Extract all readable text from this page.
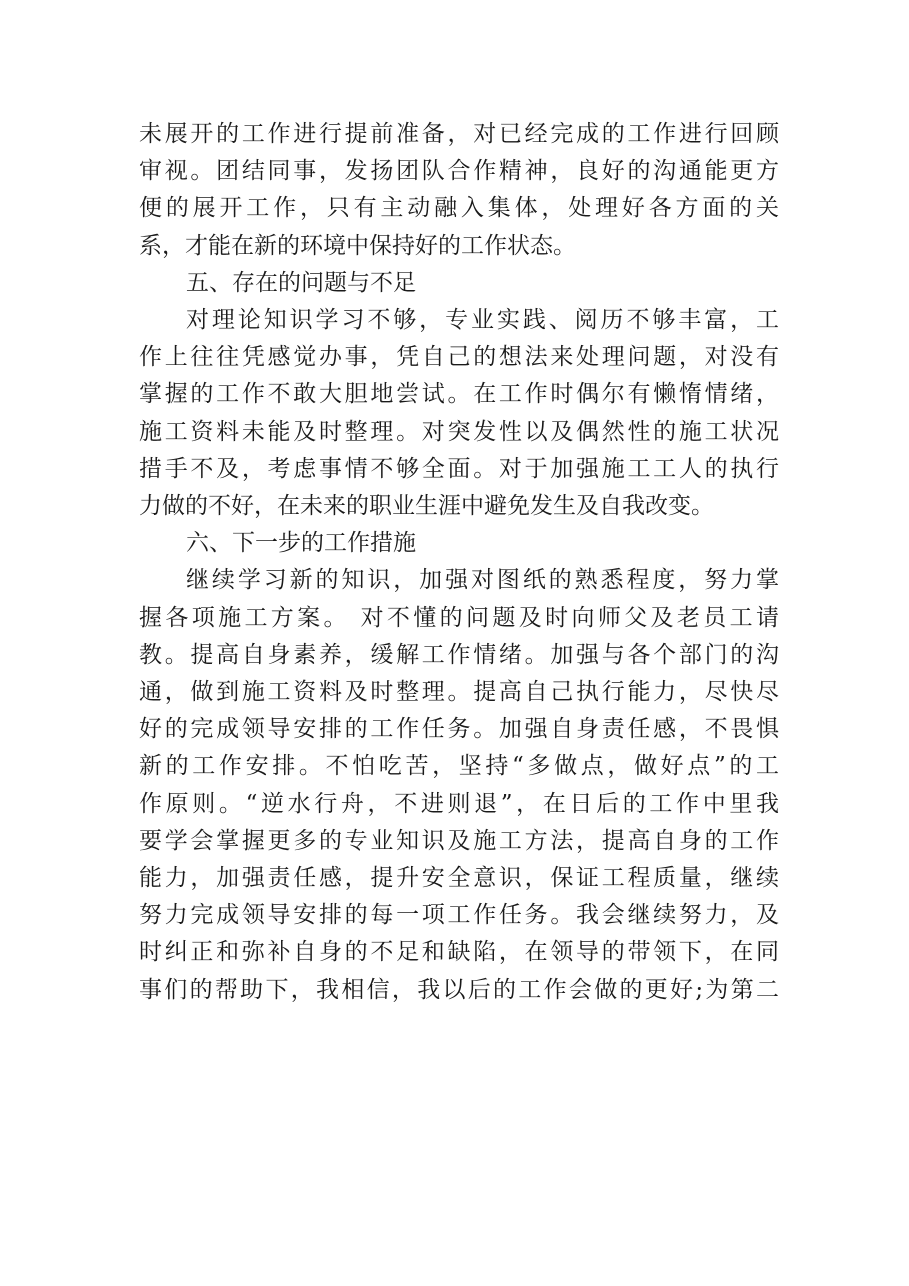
未展开的工作进行提前准备，对已经完成的工作进行回顾
审视。团结同事，发扬团队合作精神，良好的沟通能更方
便的展开工作，只有主动融入集体，处理好各方面的关
系，才能在新的环境中保持好的工作状态。
五、存在的问题与不足
对理论知识学习不够，专业实践、阅历不够丰富，工
作上往往凭感觉办事，凭自己的想法来处理问题，对没有
掌握的工作不敢大胆地尝试。在工作时偶尔有懒惰情绪，
施工资料未能及时整理。对突发性以及偶然性的施工状况
措手不及，考虑事情不够全面。对于加强施工工人的执行
力做的不好，在未来的职业生涯中避免发生及自我改变。
六、下一步的工作措施
继续学习新的知识，加强对图纸的熟悉程度，努力掌
握各项施工方案。 对不懂的问题及时向师父及老员工请
教。提高自身素养，缓解工作情绪。加强与各个部门的沟
通，做到施工资料及时整理。提高自己执行能力，尽快尽
好的完成领导安排的工作任务。加强自身责任感，不畏惧
新的工作安排。不怕吃苦，坚持“多做点，做好点”的工
作原则。“逆水行舟，不进则退”，在日后的工作中里我
要学会掌握更多的专业知识及施工方法，提高自身的工作
能力，加强责任感，提升安全意识，保证工程质量，继续
努力完成领导安排的每一项工作任务。我会继续努力，及
时纠正和弥补自身的不足和缺陷，在领导的带领下，在同
事们的帮助下，我相信，我以后的工作会做的更好;为第二
